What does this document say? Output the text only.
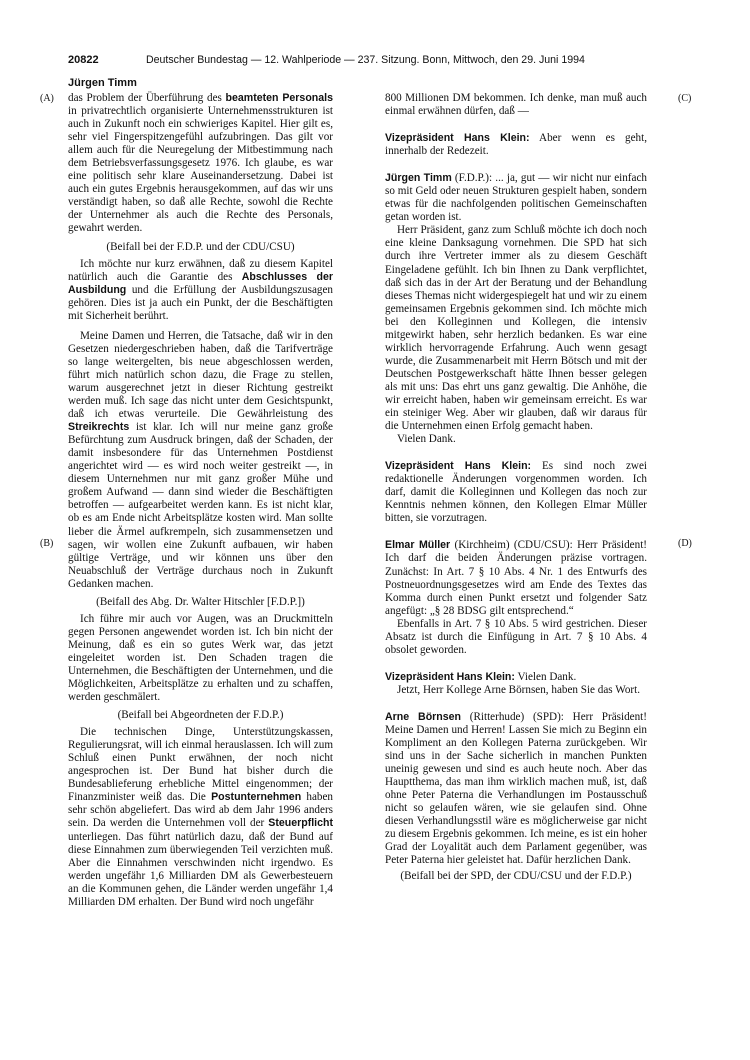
20822	Deutscher Bundestag — 12. Wahlperiode — 237. Sitzung. Bonn, Mittwoch, den 29. Juni 1994
Jürgen Timm
(A)
(B)
(C)
(D)

das Problem der Überführung des beamteten Personals in privatrechtlich organisierte Unternehmensstrukturen ist auch in Zukunft noch ein schwieriges Kapitel. Hier gilt es, sehr viel Fingerspitzengefühl aufzubringen. Das gilt vor allem auch für die Neuregelung der Mitbestimmung nach dem Betriebsverfassungsgesetz 1976. Ich glaube, es war eine politisch sehr klare Auseinandersetzung. Dabei ist auch ein gutes Ergebnis herausgekommen, auf das wir uns verständigt haben, so daß alle Rechte, sowohl die Rechte der Unternehmer als auch die Rechte des Personals, gewahrt werden.

(Beifall bei der F.D.P. und der CDU/CSU)

Ich möchte nur kurz erwähnen, daß zu diesem Kapitel natürlich auch die Garantie des Abschlusses der Ausbildung und die Erfüllung der Ausbildungszusagen gehören. Dies ist ja auch ein Punkt, der die Beschäftigten mit Sicherheit berührt.

Meine Damen und Herren, die Tatsache, daß wir in den Gesetzen niedergeschrieben haben, daß die Tarifverträge so lange weitergelten, bis neue abgeschlossen werden, führt mich natürlich schon dazu, die Frage zu stellen, warum ausgerechnet jetzt in dieser Richtung gestreikt werden muß. Ich sage das nicht unter dem Gesichtspunkt, daß ich etwas verurteile. Die Gewährleistung des Streikrechts ist klar. Ich will nur meine ganz große Befürchtung zum Ausdruck bringen, daß der Schaden, der damit insbesondere für das Unternehmen Postdienst angerichtet wird — es wird noch weiter gestreikt —, in diesem Unternehmen nur mit ganz großer Mühe und großem Aufwand — dann sind wieder die Beschäftigten betroffen — aufgearbeitet werden kann. Es ist nicht klar, ob es am Ende nicht Arbeitsplätze kosten wird. Man sollte lieber die Ärmel aufkrempeln, sich zusammensetzen und sagen, wir wollen eine Zukunft aufbauen, wir haben gültige Verträge, und wir können uns über den Neuabschluß der Verträge durchaus noch in Zukunft Gedanken machen.

(Beifall des Abg. Dr. Walter Hitschler [F.D.P.])

Ich führe mir auch vor Augen, was an Druckmitteln gegen Personen angewendet worden ist. Ich bin nicht der Meinung, daß es ein so gutes Werk war, das jetzt eingeleitet worden ist. Den Schaden tragen die Unternehmen, die Beschäftigten der Unternehmen, und die Möglichkeiten, Arbeitsplätze zu erhalten und zu schaffen, werden geschmälert.

(Beifall bei Abgeordneten der F.D.P.)

Die technischen Dinge, Unterstützungskassen, Regulierungsrat, will ich einmal herauslassen. Ich will zum Schluß einen Punkt erwähnen, der noch nicht angesprochen ist. Der Bund hat bisher durch die Bundesablieferung erhebliche Mittel eingenommen; der Finanzminister weiß das. Die Postunternehmen haben sehr schön abgeliefert. Das wird ab dem Jahr 1996 anders sein. Da werden die Unternehmen voll der Steuerpflicht unterliegen. Das führt natürlich dazu, daß der Bund auf diese Einnahmen zum überwiegenden Teil verzichten muß. Aber die Einnahmen verschwinden nicht irgendwo. Es werden ungefähr 1,6 Milliarden DM als Gewerbesteuern an die Kommunen gehen, die Länder werden ungefähr 1,4 Milliarden DM erhalten. Der Bund wird noch ungefähr

800 Millionen DM bekommen. Ich denke, man muß auch einmal erwähnen dürfen, daß —

Vizepräsident Hans Klein: Aber wenn es geht, innerhalb der Redezeit.

Jürgen Timm (F.D.P.): ... ja, gut — wir nicht nur einfach so mit Geld oder neuen Strukturen gespielt haben, sondern etwas für die nachfolgenden politischen Gemeinschaften getan worden ist.

Herr Präsident, ganz zum Schluß möchte ich doch noch eine kleine Danksagung vornehmen. Die SPD hat sich durch ihre Vertreter immer als zu diesem Geschäft Eingeladene gefühlt. Ich bin Ihnen zu Dank verpflichtet, daß sich das in der Art der Beratung und der Behandlung dieses Themas nicht widergespiegelt hat und wir zu einem gemeinsamen Ergebnis gekommen sind. Ich möchte mich bei den Kolleginnen und Kollegen, die intensiv mitgewirkt haben, sehr herzlich bedanken. Es war eine wirklich hervorragende Erfahrung. Auch wenn gesagt wurde, die Zusammenarbeit mit Herrn Bötsch und mit der Deutschen Postgewerkschaft hätte Ihnen besser gelegen als mit uns: Das ehrt uns ganz gewaltig. Die Anhöhe, die wir erreicht haben, haben wir gemeinsam erreicht. Es war ein steiniger Weg. Aber wir glauben, daß wir daraus für die Unternehmen einen Erfolg gemacht haben.

Vielen Dank.

Vizepräsident Hans Klein: Es sind noch zwei redaktionelle Änderungen vorgenommen worden. Ich darf, damit die Kolleginnen und Kollegen das noch zur Kenntnis nehmen können, den Kollegen Elmar Müller bitten, sie vorzutragen.

Elmar Müller (Kirchheim) (CDU/CSU): Herr Präsident! Ich darf die beiden Änderungen präzise vortragen. Zunächst: In Art. 7 § 10 Abs. 4 Nr. 1 des Entwurfs des Postneuordnungsgesetzes wird am Ende des Textes das Komma durch einen Punkt ersetzt und folgender Satz angefügt: „§ 28 BDSG gilt entsprechend.“

Ebenfalls in Art. 7 § 10 Abs. 5 wird gestrichen. Dieser Absatz ist durch die Einfügung in Art. 7 § 10 Abs. 4 obsolet geworden.

Vizepräsident Hans Klein: Vielen Dank.

Jetzt, Herr Kollege Arne Börnsen, haben Sie das Wort.

Arne Börnsen (Ritterhude) (SPD): Herr Präsident! Meine Damen und Herren! Lassen Sie mich zu Beginn ein Kompliment an den Kollegen Paterna zurückgeben. Wir sind uns in der Sache sicherlich in manchen Punkten uneinig gewesen und sind es auch heute noch. Aber das Hauptthema, das man ihm wirklich machen muß, ist, daß ohne Peter Paterna die Verhandlungen im Postausschuß nicht so gelaufen wären, wie sie gelaufen sind. Ohne diesen Verhandlungsstil wäre es möglicherweise gar nicht zu diesem Ergebnis gekommen. Ich meine, es ist ein hoher Grad der Loyalität auch dem Parlament gegenüber, was Peter Paterna hier geleistet hat. Dafür herzlichen Dank.

(Beifall bei der SPD, der CDU/CSU und der F.D.P.)
